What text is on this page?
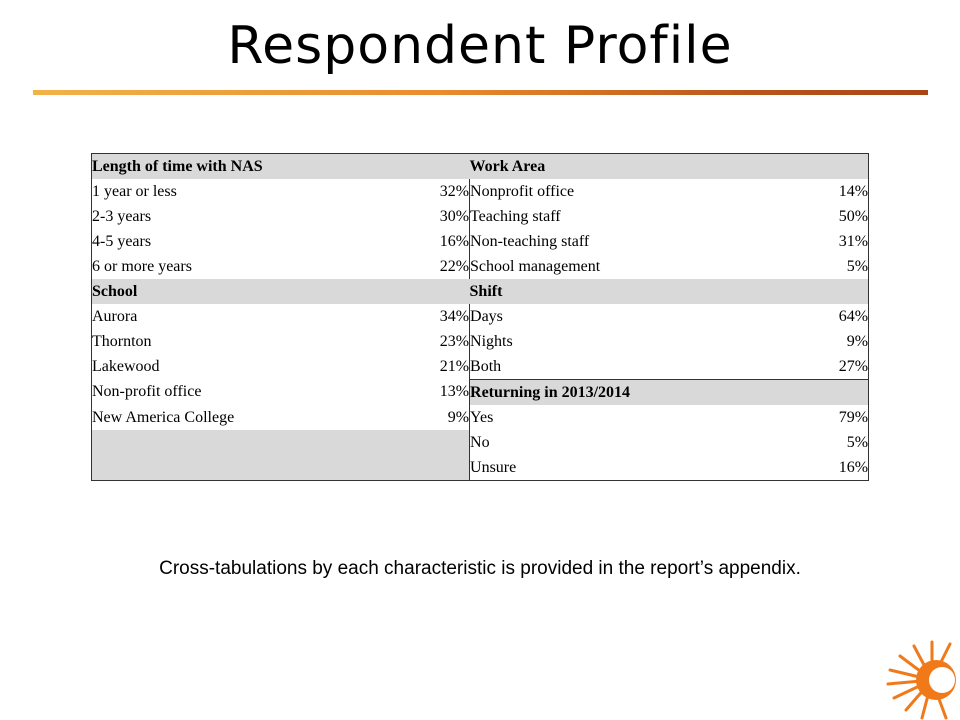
Respondent Profile
Length of time with NAS		Work Area	
1 year or less	32%	Nonprofit office	14%
2-3 years	30%	Teaching staff	50%
4-5 years	16%	Non-teaching staff	31%
6 or more years	22%	School management	5%
School		Shift	
Aurora	34%	Days	64%
Thornton	23%	Nights	9%
Lakewood	21%	Both	27%
Non-profit office	13%	Returning in 2013/2014	
New America College	9%	Yes	79%
		No	5%
		Unsure	16%
Cross-tabulations by each characteristic is provided in the report’s appendix.
